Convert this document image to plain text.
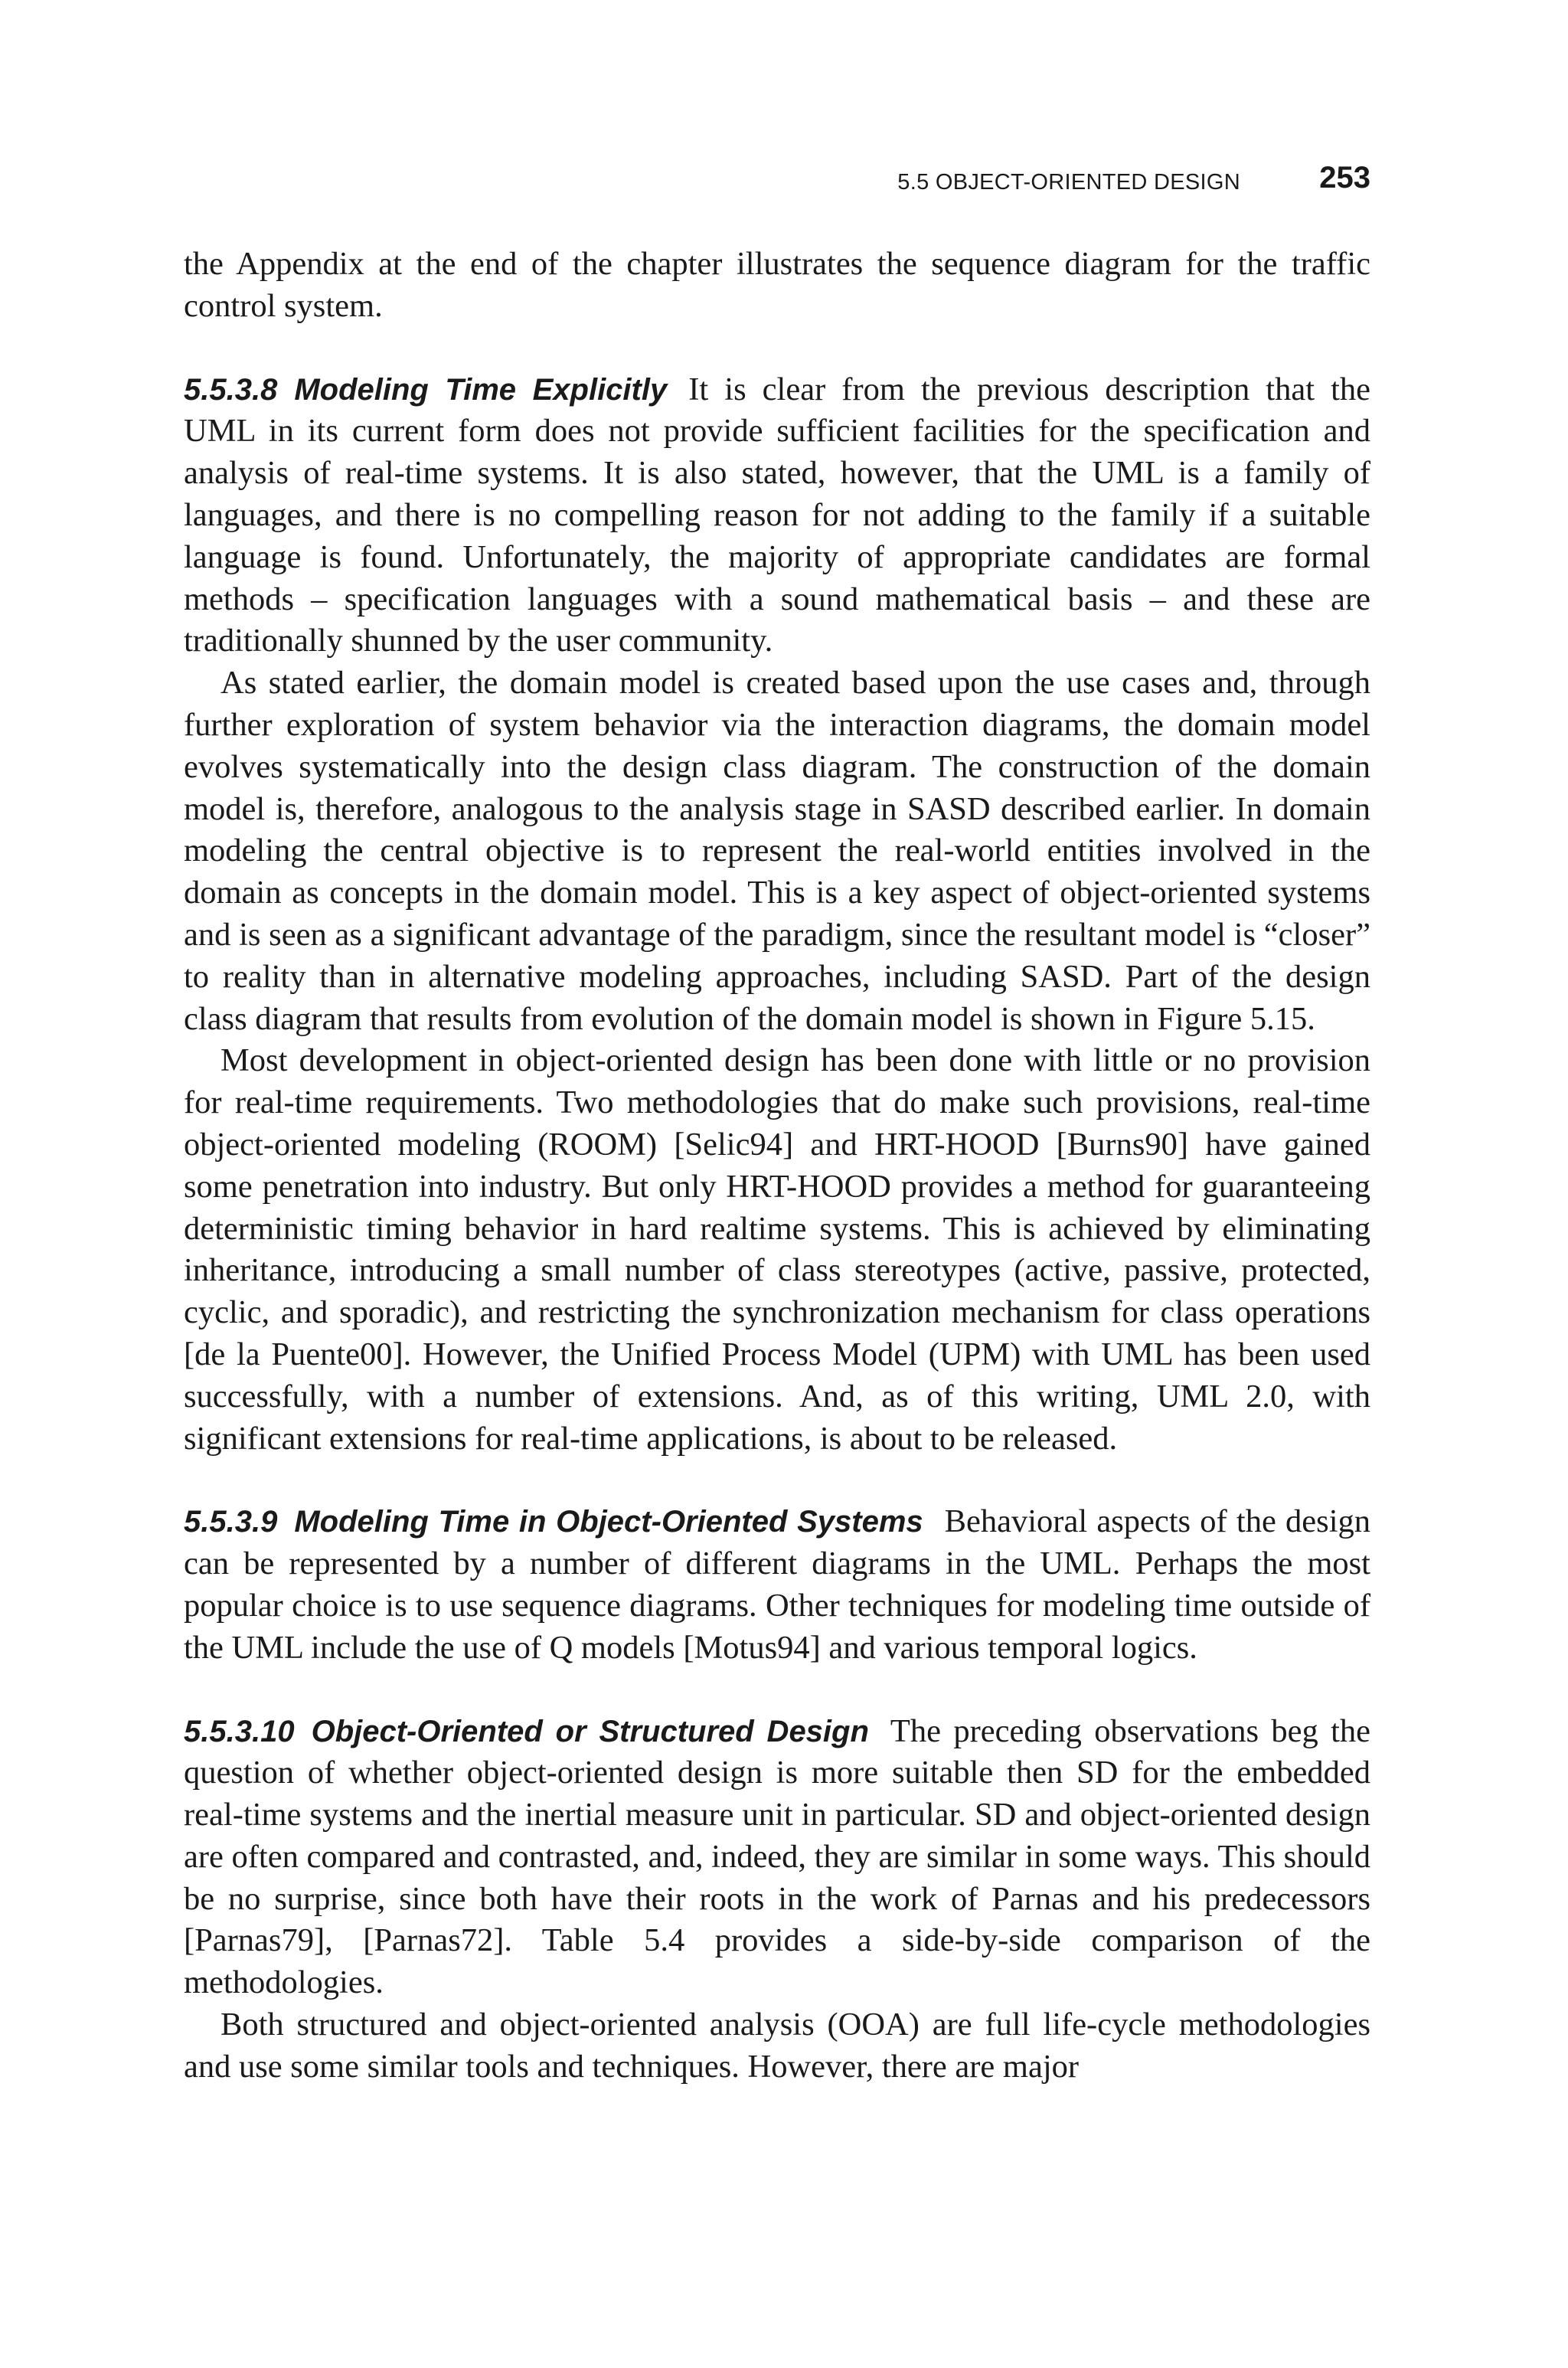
5.5 OBJECT-ORIENTED DESIGN	253

the Appendix at the end of the chapter illustrates the sequence diagram for the traffic control system.

5.5.3.8 Modeling Time Explicitly It is clear from the previous description that the UML in its current form does not provide sufficient facilities for the specification and analysis of real-time systems. It is also stated, however, that the UML is a family of languages, and there is no compelling reason for not adding to the family if a suitable language is found. Unfortunately, the majority of appropriate candidates are formal methods – specification languages with a sound mathematical basis – and these are traditionally shunned by the user community.

As stated earlier, the domain model is created based upon the use cases and, through further exploration of system behavior via the interaction diagrams, the domain model evolves systematically into the design class diagram. The construction of the domain model is, therefore, analogous to the analysis stage in SASD described earlier. In domain modeling the central objective is to represent the real-world entities involved in the domain as concepts in the domain model. This is a key aspect of object-oriented systems and is seen as a significant advantage of the paradigm, since the resultant model is “closer” to reality than in alternative modeling approaches, including SASD. Part of the design class diagram that results from evolution of the domain model is shown in Figure 5.15.

Most development in object-oriented design has been done with little or no provision for real-time requirements. Two methodologies that do make such provisions, real-time object-oriented modeling (ROOM) [Selic94] and HRT-HOOD [Burns90] have gained some penetration into industry. But only HRT-HOOD provides a method for guaranteeing deterministic timing behavior in hard realtime systems. This is achieved by eliminating inheritance, introducing a small number of class stereotypes (active, passive, protected, cyclic, and sporadic), and restricting the synchronization mechanism for class operations [de la Puente00]. However, the Unified Process Model (UPM) with UML has been used successfully, with a number of extensions. And, as of this writing, UML 2.0, with significant extensions for real-time applications, is about to be released.

5.5.3.9 Modeling Time in Object-Oriented Systems Behavioral aspects of the design can be represented by a number of different diagrams in the UML. Perhaps the most popular choice is to use sequence diagrams. Other techniques for modeling time outside of the UML include the use of Q models [Motus94] and various temporal logics.

5.5.3.10 Object-Oriented or Structured Design The preceding observations beg the question of whether object-oriented design is more suitable then SD for the embedded real-time systems and the inertial measure unit in particular. SD and object-oriented design are often compared and contrasted, and, indeed, they are similar in some ways. This should be no surprise, since both have their roots in the work of Parnas and his predecessors [Parnas79], [Parnas72]. Table 5.4 provides a side-by-side comparison of the methodologies.

Both structured and object-oriented analysis (OOA) are full life-cycle methodologies and use some similar tools and techniques. However, there are major
